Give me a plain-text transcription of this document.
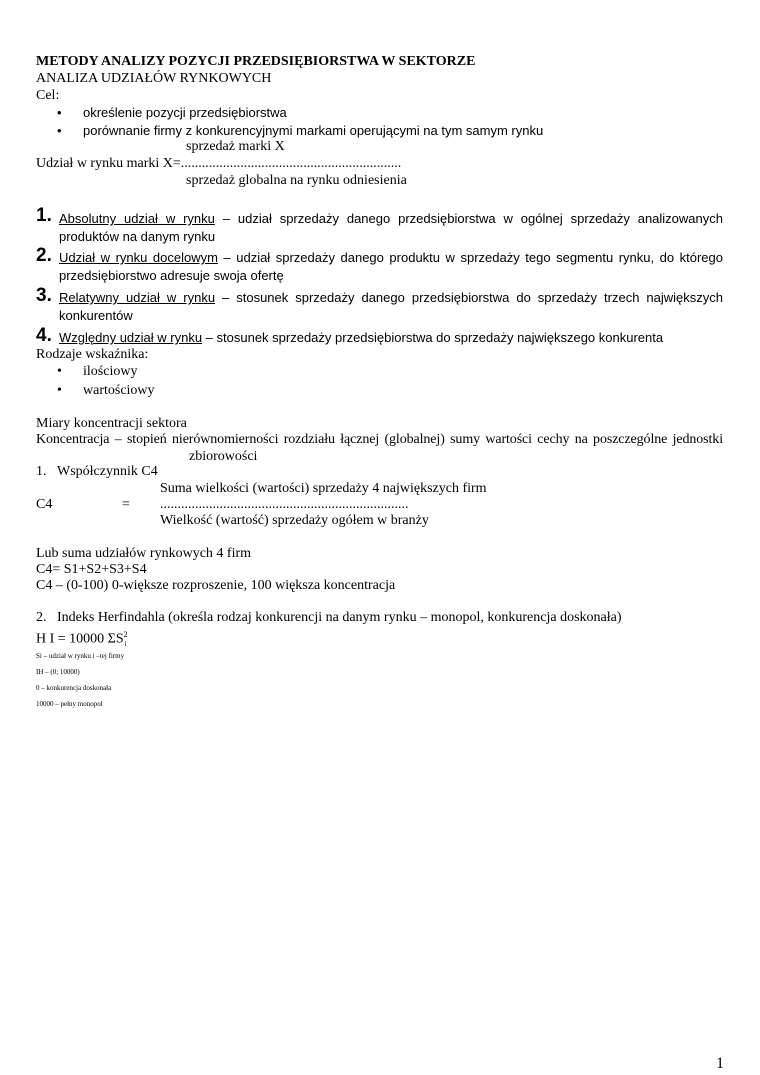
METODY ANALIZY POZYCJI PRZEDSIĘBIORSTWA W SEKTORZE
ANALIZA UDZIAŁÓW RYNKOWYCH
Cel:
•	określenie pozycji przedsiębiorstwa
•	porównanie firmy z konkurencyjnymi markami operującymi na tym samym rynku
sprzedaż marki X
Udział w rynku marki X=...............................................................
sprzedaż globalna na rynku odniesienia
1. Absolutny udział w rynku – udział sprzedaży danego przedsiębiorstwa w ogólnej sprzedaży analizowanych produktów na danym rynku
2. Udział w rynku docelowym – udział sprzedaży danego produktu w sprzedaży tego segmentu rynku, do którego przedsiębiorstwo adresuje swoja ofertę
3. Relatywny udział w rynku – stosunek sprzedaży danego przedsiębiorstwa do sprzedaży trzech największych konkurentów
4. Względny udział w rynku – stosunek sprzedaży przedsiębiorstwa do sprzedaży największego konkurenta
Rodzaje wskaźnika:
•	ilościowy
•	wartościowy
Miary koncentracji sektora
Koncentracja – stopień nierównomierności rozdziału łącznej (globalnej) sumy wartości cechy na poszczególne jednostki
zbiorowości
1.   Współczynnik C4
Suma wielkości (wartości) sprzedaży 4 największych firm
C4	= .......................................................................
Wielkość (wartość) sprzedaży ogółem w branży
Lub suma udziałów rynkowych 4 firm
C4= S1+S2+S3+S4
C4 – (0-100) 0-większe rozproszenie, 100 większa koncentracja
2.   Indeks Herfindahla (określa rodzaj konkurencji na danym rynku – monopol, konkurencja doskonała)
H I = 10000 $\Sigma S^2_i$
Si – udział w rynku i –tej firmy
IH – (0; 10000)
0 – konkurencja doskonała
10000 – pełny monopol
1
